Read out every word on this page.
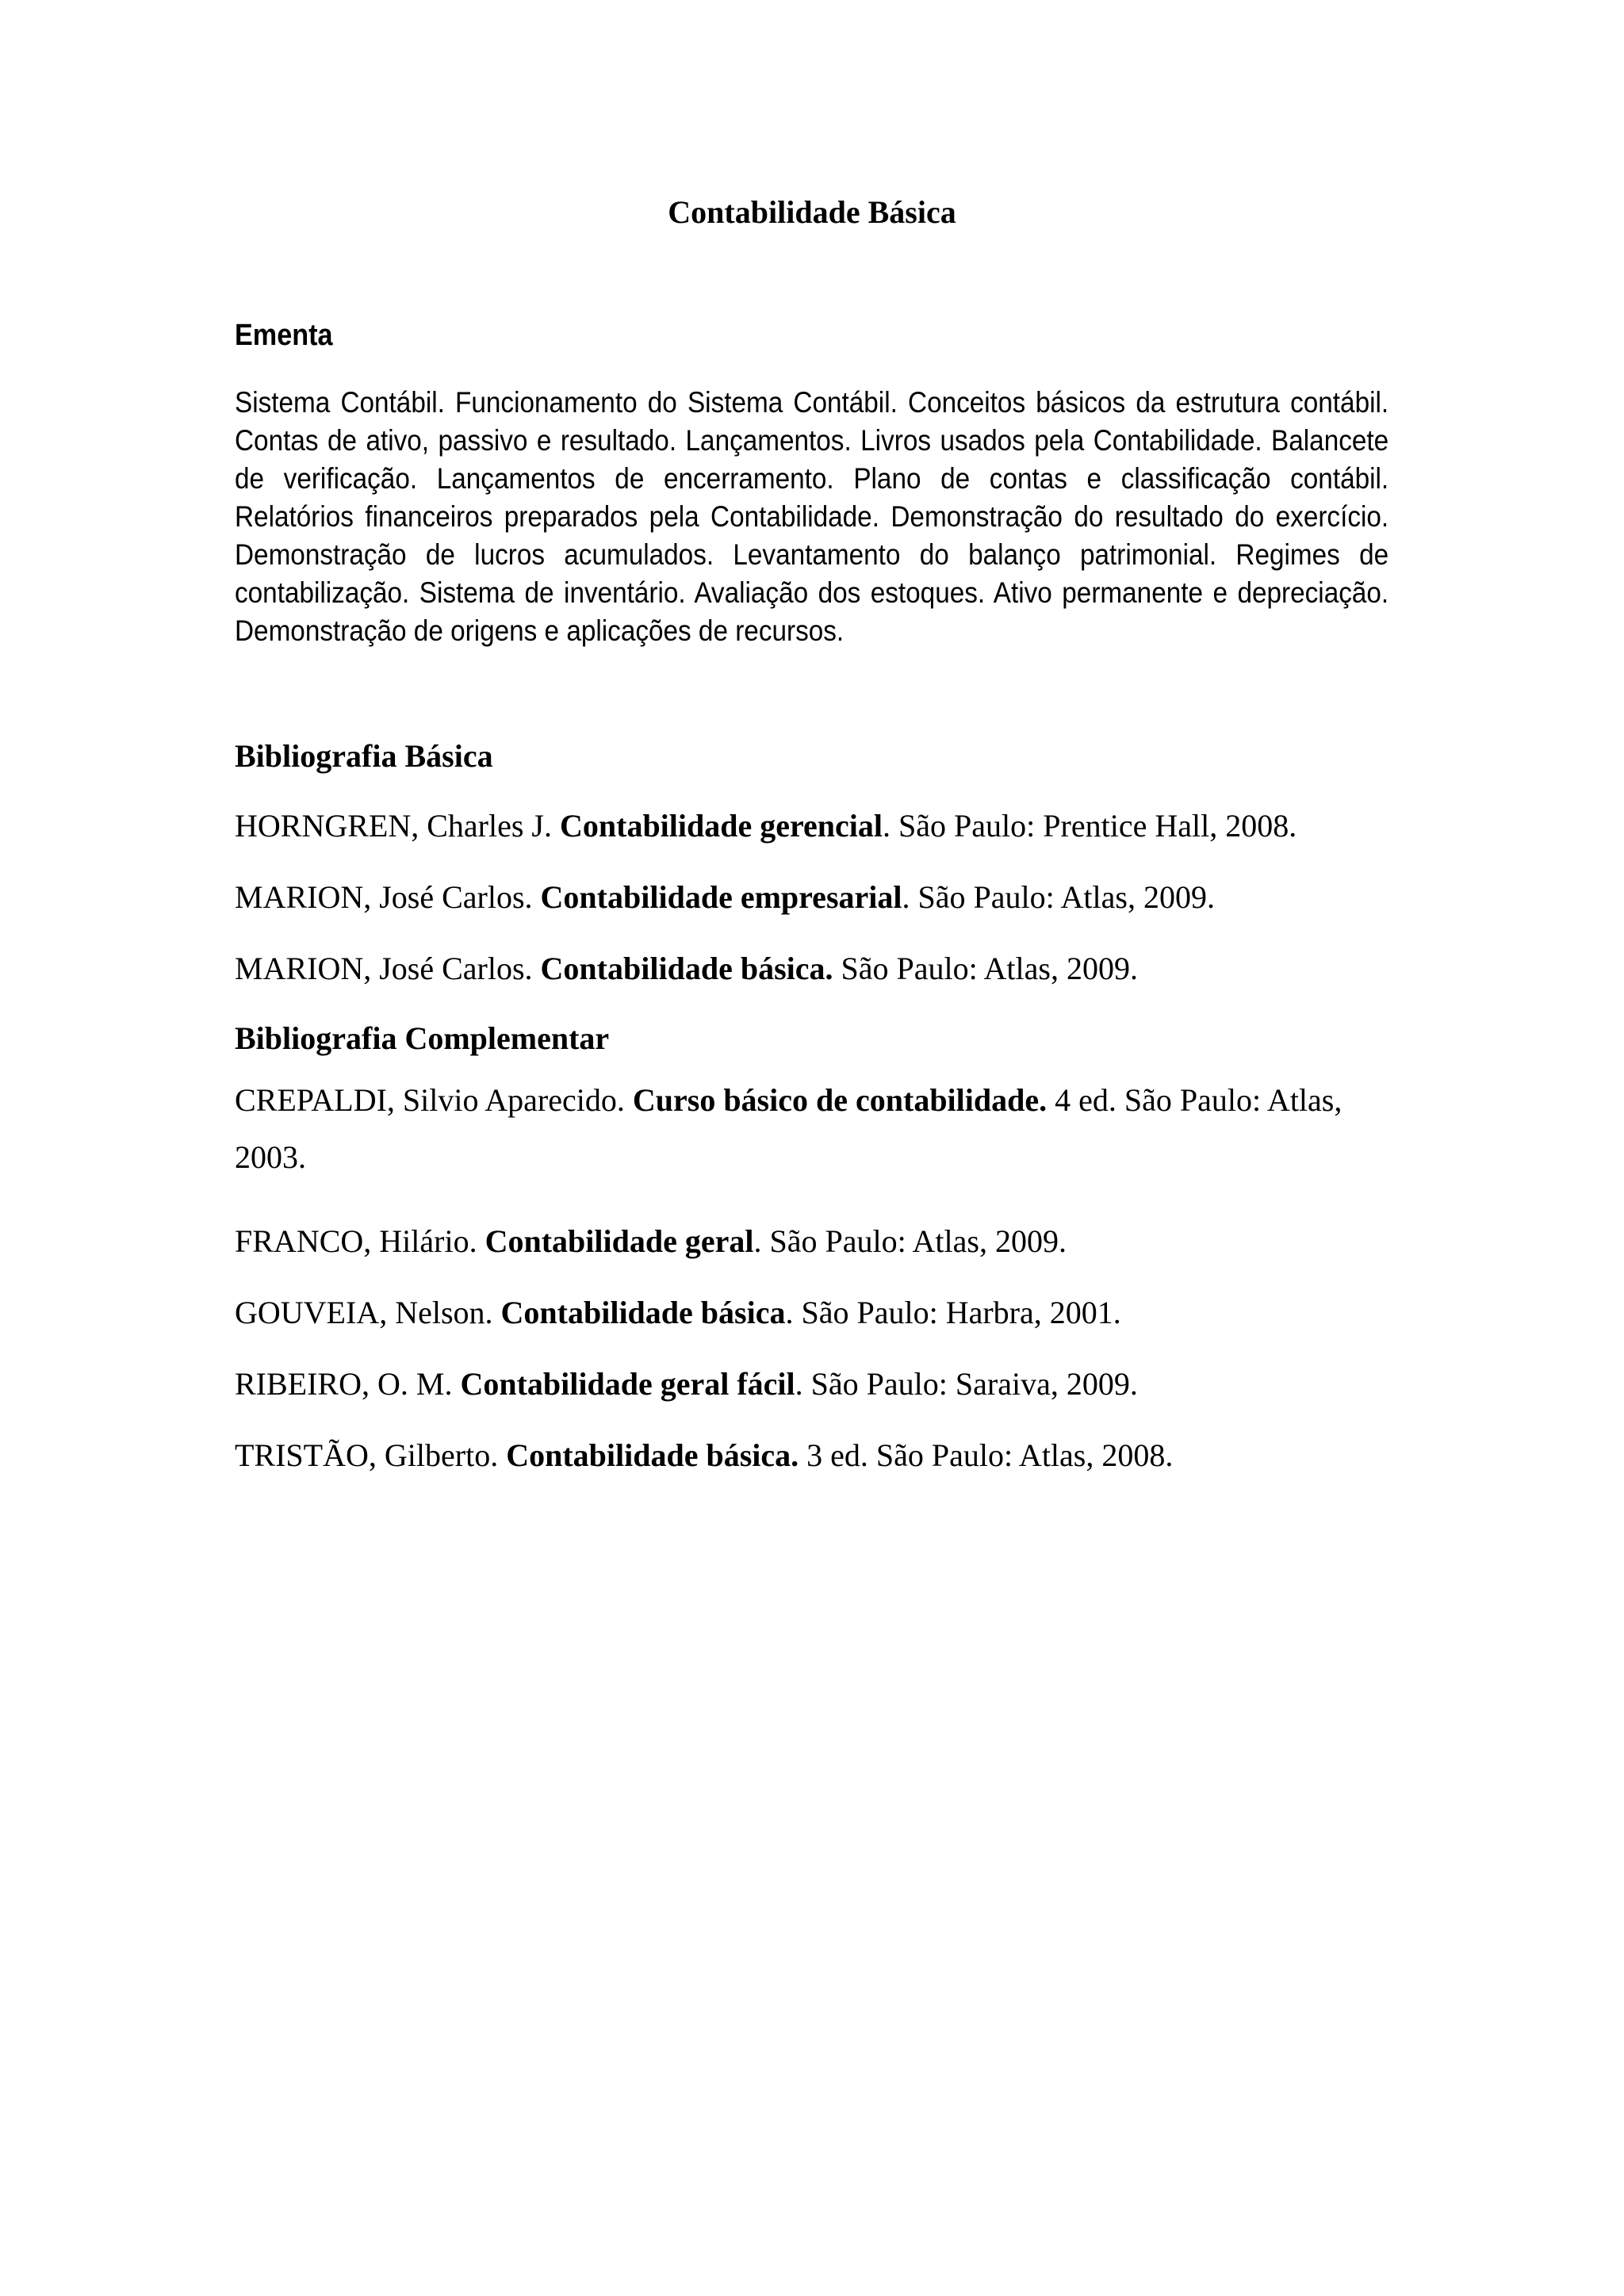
Contabilidade Básica
Ementa
Sistema Contábil. Funcionamento do Sistema Contábil. Conceitos básicos da estrutura contábil.
Contas de ativo, passivo e resultado. Lançamentos. Livros usados pela Contabilidade. Balancete
de verificação. Lançamentos de encerramento. Plano de contas e classificação contábil.
Relatórios financeiros preparados pela Contabilidade. Demonstração do resultado do exercício.
Demonstração de lucros acumulados. Levantamento do balanço patrimonial. Regimes de
contabilização. Sistema de inventário. Avaliação dos estoques. Ativo permanente e depreciação.
Demonstração de origens e aplicações de recursos.
Bibliografia Básica

HORNGREN, Charles J. Contabilidade gerencial. São Paulo: Prentice Hall, 2008.

MARION, José Carlos. Contabilidade empresarial. São Paulo: Atlas, 2009.

MARION, José Carlos. Contabilidade básica. São Paulo: Atlas, 2009.

Bibliografia Complementar

CREPALDI, Silvio Aparecido. Curso básico de contabilidade. 4 ed. São Paulo: Atlas, 2003.

FRANCO, Hilário. Contabilidade geral. São Paulo: Atlas, 2009.

GOUVEIA, Nelson. Contabilidade básica. São Paulo: Harbra, 2001.

RIBEIRO, O. M. Contabilidade geral fácil. São Paulo: Saraiva, 2009.

TRISTÃO, Gilberto. Contabilidade básica. 3 ed. São Paulo: Atlas, 2008.
